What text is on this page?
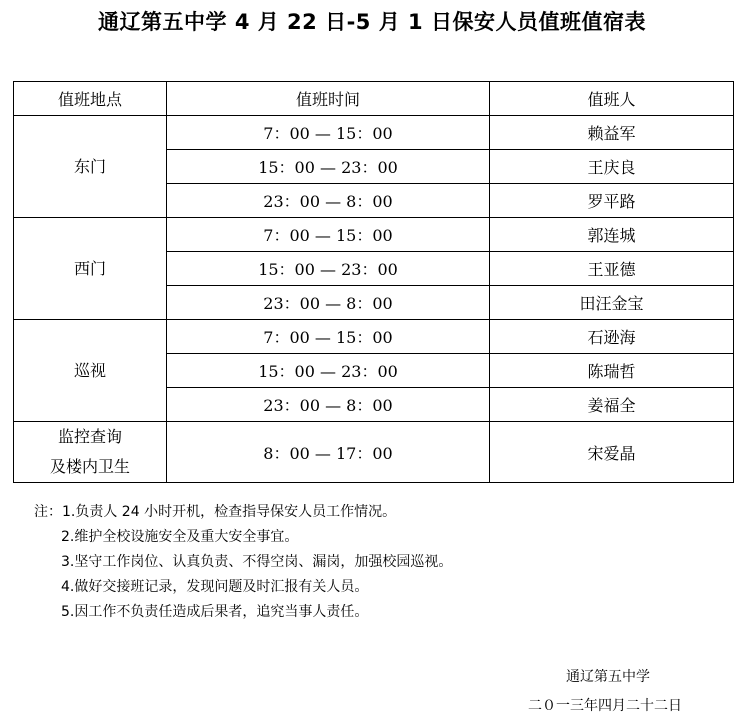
通辽第五中学 4 月 22 日-5 月 1 日保安人员值班值宿表
值班地点	值班时间	值班人
东门	7：00 — 15：00	赖益军
	15：00 — 23：00	王庆良
	23：00 — 8：00	罗平路
西门	7：00 — 15：00	郭连城
	15：00 — 23：00	王亚德
	23：00 — 8：00	田汪金宝
巡视	7：00 — 15：00	石逊海
	15：00 — 23：00	陈瑞哲
	23：00 — 8：00	姜福全

监控查询
及楼内卫生	8：00 — 17：00	宋爱晶
注：1.负责人 24 小时开机，检查指导保安人员工作情况。
2.维护全校设施安全及重大安全事宜。
3.坚守工作岗位、认真负责、不得空岗、漏岗，加强校园巡视。
4.做好交接班记录，发现问题及时汇报有关人员。
5.因工作不负责任造成后果者，追究当事人责任。
通辽第五中学
二０一三年四月二十二日
